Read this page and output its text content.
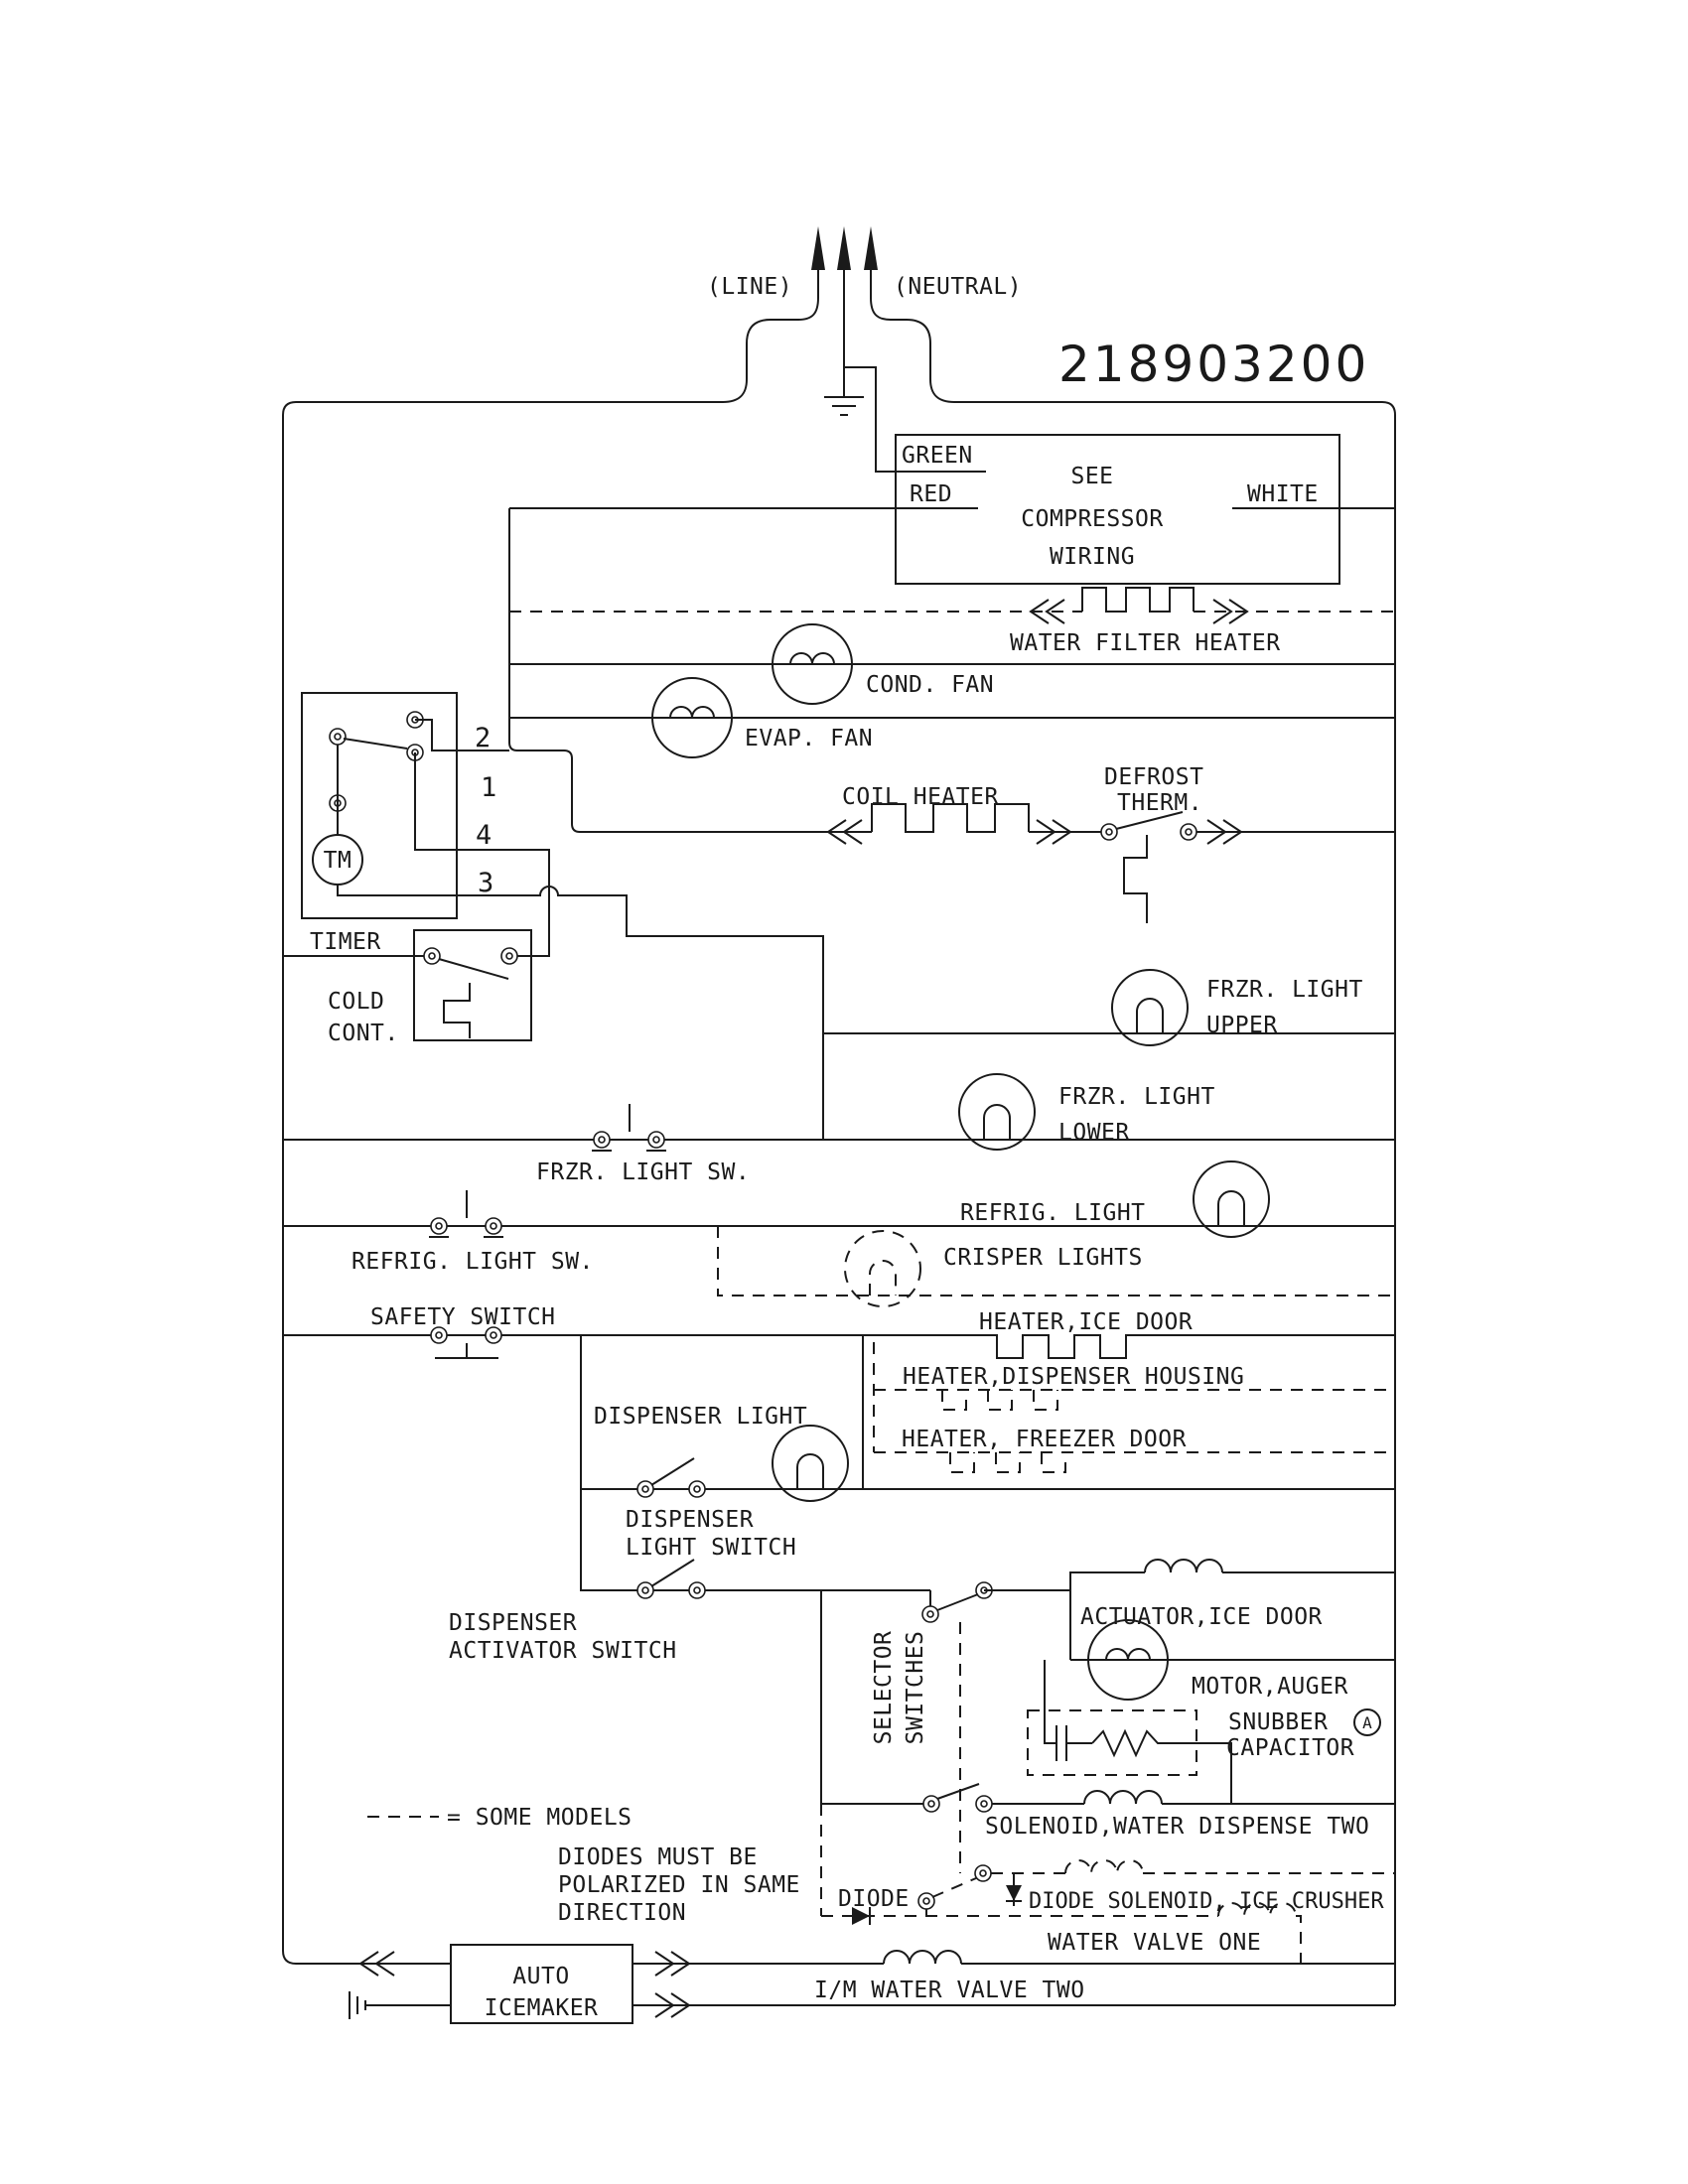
(LINE)	(NEUTRAL)
218903200
GREEN
RED	WHITE
SEE
COMPRESSOR
WIRING
WATER FILTER HEATER
COND. FAN
EVAP. FAN
TM
TIMER
2
1
4
3
COLD
CONT.
COIL HEATER
DEFROST
THERM.
FRZR. LIGHT
UPPER
FRZR. LIGHT SW.
FRZR. LIGHT
LOWER
REFRIG. LIGHT SW.
REFRIG. LIGHT
CRISPER LIGHTS
SAFETY SWITCH	HEATER,ICE DOOR
HEATER,DISPENSER HOUSING
HEATER, FREEZER DOOR
DISPENSER LIGHT
DISPENSER
LIGHT SWITCH
DISPENSER
ACTIVATOR SWITCH	SELECTOR SWITCHES
ACTUATOR,ICE DOOR
MOTOR,AUGER
SNUBBER
CAPACITOR
A
SOLENOID,WATER DISPENSE TWO
DIODE SOLENOID, ICE CRUSHER
DIODE
WATER VALVE ONE
AUTO
ICEMAKER
I/M WATER VALVE TWO
= SOME MODELS
DIODES MUST BE
POLARIZED IN SAME
DIRECTION
